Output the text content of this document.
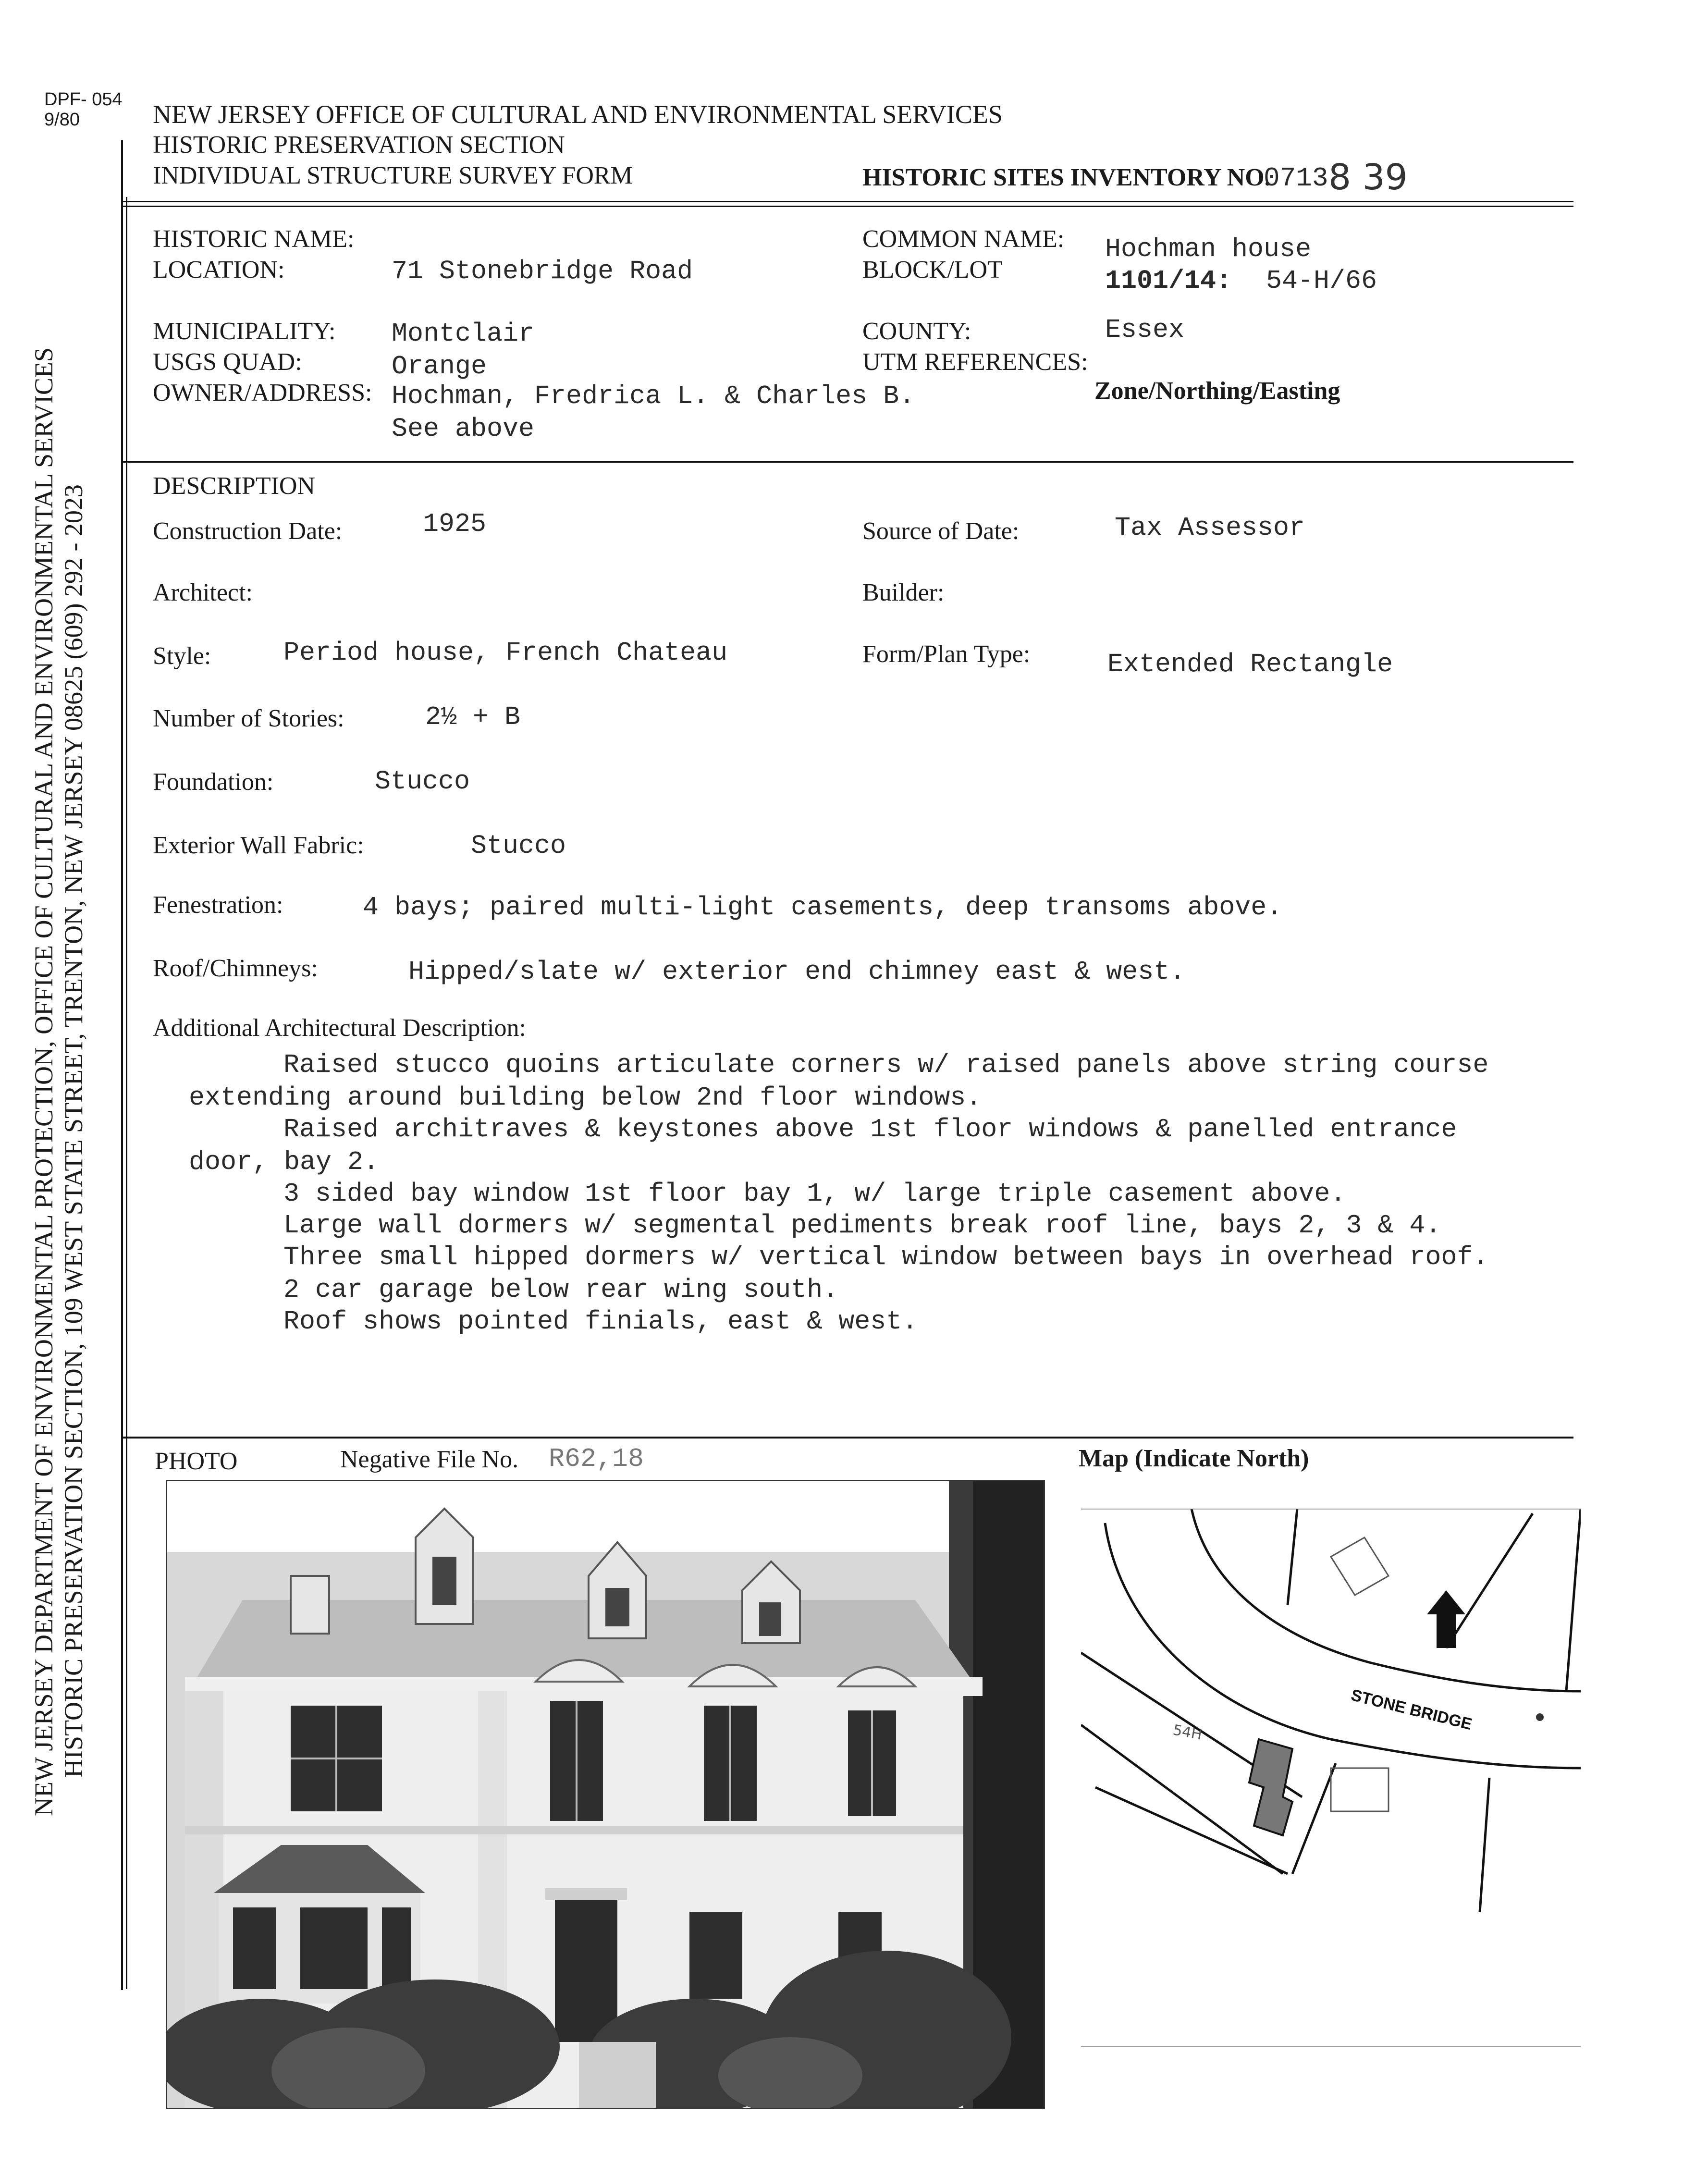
DPF- 054
9/80	NEW JERSEY OFFICE OF CULTURAL AND ENVIRONMENTAL SERVICES
HISTORIC PRESERVATION SECTION
INDIVIDUAL STRUCTURE SURVEY FORM	HISTORIC SITES INVENTORY NO.
0713 8 39
NEW JERSEY DEPARTMENT OF ENVIRONMENTAL PROTECTION, OFFICE OF CULTURAL AND ENVIRONMENTAL SERVICES HISTORIC PRESERVATION SECTION, 109 WEST STATE STREET, TRENTON, NEW JERSEY 08625 (609) 292 - 2023
HISTORIC NAME:
LOCATION:	71 Stonebridge Road
COMMON NAME: Hochman house
BLOCK/LOT	1101/14: 54-H/66
MUNICIPALITY: Montclair
USGS QUAD:	Orange
OWNER/ADDRESS: Hochman, Fredrica L. & Charles B.
See above
COUNTY:	Essex
UTM REFERENCES:
Zone/Northing/Easting
DESCRIPTION
Construction Date:	1925	Source of Date:	Tax Assessor
Architect:	Builder:
Style:	Period house, French Chateau	Form/Plan Type:	Extended Rectangle
Number of Stories:	2½ + B
Foundation:	Stucco
Exterior Wall Fabric:	Stucco
Fenestration:	4 bays; paired multi-light casements, deep transoms above.
Roof/Chimneys:	Hipped/slate w/ exterior end chimney east & west.
Additional Architectural Description:
Raised stucco quoins articulate corners w/ raised panels above string course
extending around building below 2nd floor windows.
Raised architraves & keystones above 1st floor windows & panelled entrance
door, bay 2.
3 sided bay window 1st floor bay 1, w/ large triple casement above.
Large wall dormers w/ segmental pediments break roof line, bays 2, 3 & 4.
Three small hipped dormers w/ vertical window between bays in overhead roof.
2 car garage below rear wing south.
Roof shows pointed finials, east & west.
PHOTO	Negative File No. R62,18	Map (Indicate North)
STONE BRIDGE
54H
